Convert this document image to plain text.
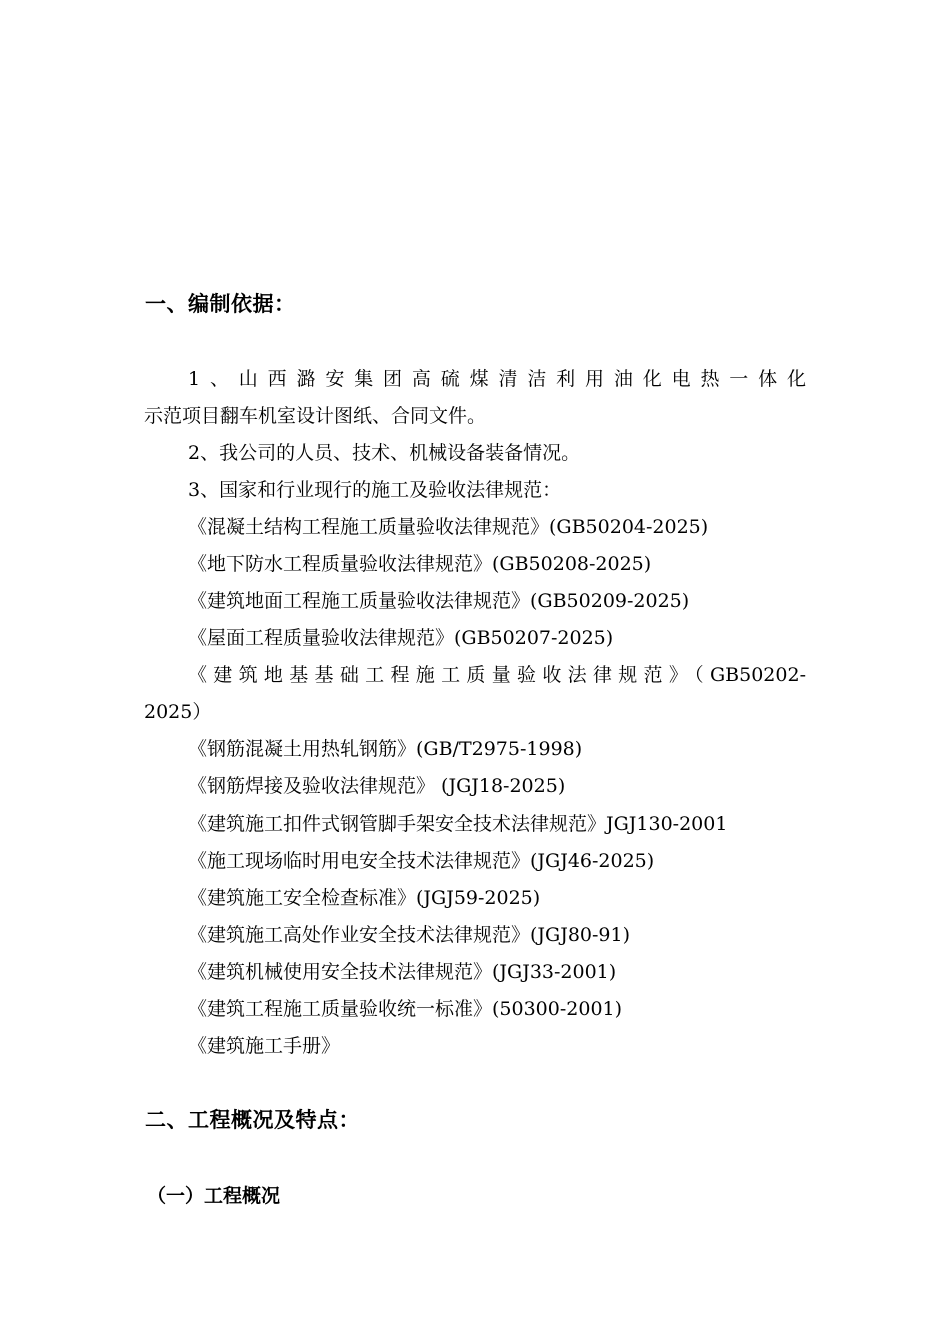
一、编制依据：
1、山西潞安集团高硫煤清洁利用油化电热一体化
示范项目翻车机室设计图纸、合同文件。
2、我公司的人员、技术、机械设备装备情况。
3、国家和行业现行的施工及验收法律规范：
《混凝土结构工程施工质量验收法律规范》(GB50204-2025)
《地下防水工程质量验收法律规范》(GB50208-2025)
《建筑地面工程施工质量验收法律规范》(GB50209-2025)
《屋面工程质量验收法律规范》(GB50207-2025)
《建筑地基基础工程施工质量验收法律规范》（GB50202-
2025）
《钢筋混凝土用热轧钢筋》(GB/T2975-1998)
《钢筋焊接及验收法律规范》 (JGJ18-2025)
《建筑施工扣件式钢管脚手架安全技术法律规范》JGJ130-2001
《施工现场临时用电安全技术法律规范》(JGJ46-2025)
《建筑施工安全检查标准》(JGJ59-2025)
《建筑施工高处作业安全技术法律规范》(JGJ80-91)
《建筑机械使用安全技术法律规范》(JGJ33-2001)
《建筑工程施工质量验收统一标准》(50300-2001)
《建筑施工手册》
二、工程概况及特点：
（一）工程概况
